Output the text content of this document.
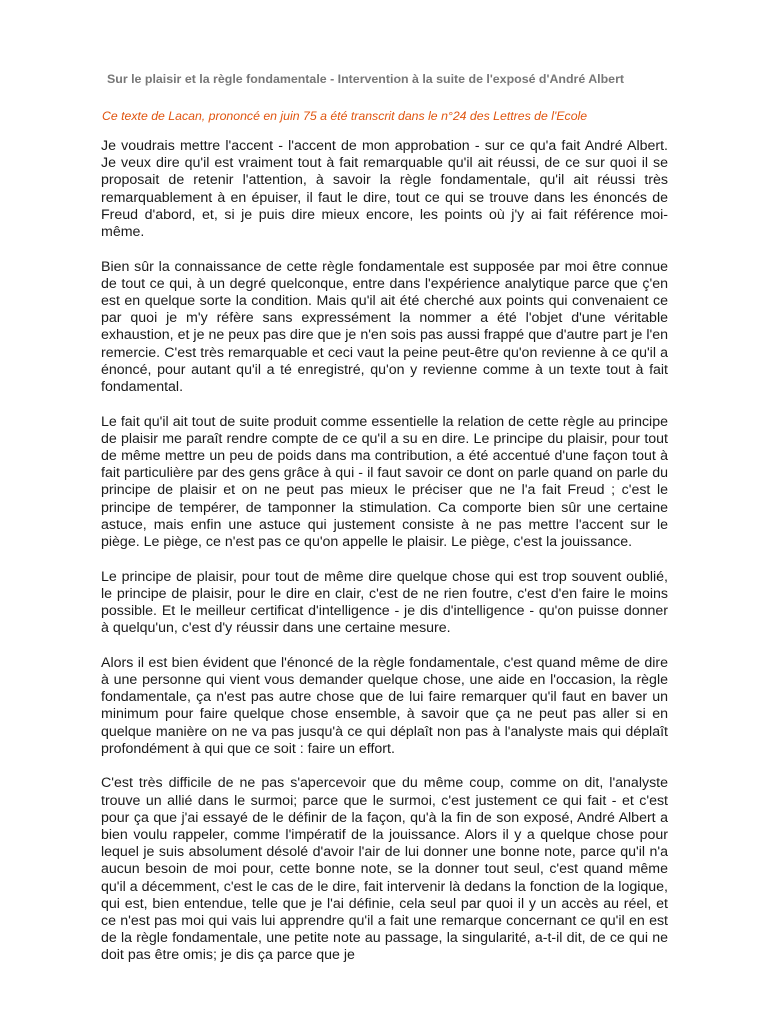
Sur le plaisir et la règle fondamentale - Intervention à la suite de l'exposé d'André Albert
Ce texte de Lacan, prononcé en juin 75 a été transcrit dans le n°24 des Lettres de l'Ecole

Je voudrais mettre l'accent - l'accent de mon approbation - sur ce qu'a fait André Albert. Je veux dire qu'il est vraiment tout à fait remarquable qu'il ait réussi, de ce sur quoi il se proposait de retenir l'attention, à savoir la règle fondamentale, qu'il ait réussi très remarquablement à en épuiser, il faut le dire, tout ce qui se trouve dans les énoncés de Freud d'abord, et, si je puis dire mieux encore, les points où j'y ai fait référence moi-même.

Bien sûr la connaissance de cette règle fondamentale est supposée par moi être connue de tout ce qui, à un degré quelconque, entre dans l'expérience analytique parce que ç'en est en quelque sorte la condition. Mais qu'il ait été cherché aux points qui convenaient ce par quoi je m'y réfère sans expressément la nommer a été l'objet d'une véritable exhaustion, et je ne peux pas dire que je n'en sois pas aussi frappé que d'autre part je l'en remercie. C'est très remarquable et ceci vaut la peine peut-être qu'on revienne à ce qu'il a énoncé, pour autant qu'il a té enregistré, qu'on y revienne comme à un texte tout à fait fondamental.

Le fait qu'il ait tout de suite produit comme essentielle la relation de cette règle au principe de plaisir me paraît rendre compte de ce qu'il a su en dire. Le principe du plaisir, pour tout de même mettre un peu de poids dans ma contribution, a été accentué d'une façon tout à fait particulière par des gens grâce à qui - il faut savoir ce dont on parle quand on parle du principe de plaisir et on ne peut pas mieux le préciser que ne l'a fait Freud ; c'est le principe de tempérer, de tamponner la stimulation. Ca comporte bien sûr une certaine astuce, mais enfin une astuce qui justement consiste à ne pas mettre l'accent sur le piège. Le piège, ce n'est pas ce qu'on appelle le plaisir. Le piège, c'est la jouissance.

Le principe de plaisir, pour tout de même dire quelque chose qui est trop souvent oublié, le principe de plaisir, pour le dire en clair, c'est de ne rien foutre, c'est d'en faire le moins possible. Et le meilleur certificat d'intelligence - je dis d'intelligence - qu'on puisse donner à quelqu'un, c'est d'y réussir dans une certaine mesure.

Alors il est bien évident que l'énoncé de la règle fondamentale, c'est quand même de dire à une personne qui vient vous demander quelque chose, une aide en l'occasion, la règle fondamentale, ça n'est pas autre chose que de lui faire remarquer qu'il faut en baver un minimum pour faire quelque chose ensemble, à savoir que ça ne peut pas aller si en quelque manière on ne va pas jusqu'à ce qui déplaît non pas à l'analyste mais qui déplaît profondément à qui que ce soit : faire un effort.

C'est très difficile de ne pas s'apercevoir que du même coup, comme on dit, l'analyste trouve un allié dans le surmoi; parce que le surmoi, c'est justement ce qui fait - et c'est pour ça que j'ai essayé de le définir de la façon, qu'à la fin de son exposé, André Albert a bien voulu rappeler, comme l'impératif de la jouissance. Alors il y a quelque chose pour lequel je suis absolument désolé d'avoir l'air de lui donner une bonne note, parce qu'il n'a aucun besoin de moi pour, cette bonne note, se la donner tout seul, c'est quand même qu'il a décemment, c'est le cas de le dire, fait intervenir là dedans la fonction de la logique, qui est, bien entendue, telle que je l'ai définie, cela seul par quoi il y un accès au réel, et ce n'est pas moi qui vais lui apprendre qu'il a fait une remarque concernant ce qu'il en est de la règle fondamentale, une petite note au passage, la singularité, a-t-il dit, de ce qui ne doit pas être omis; je dis ça parce que je
